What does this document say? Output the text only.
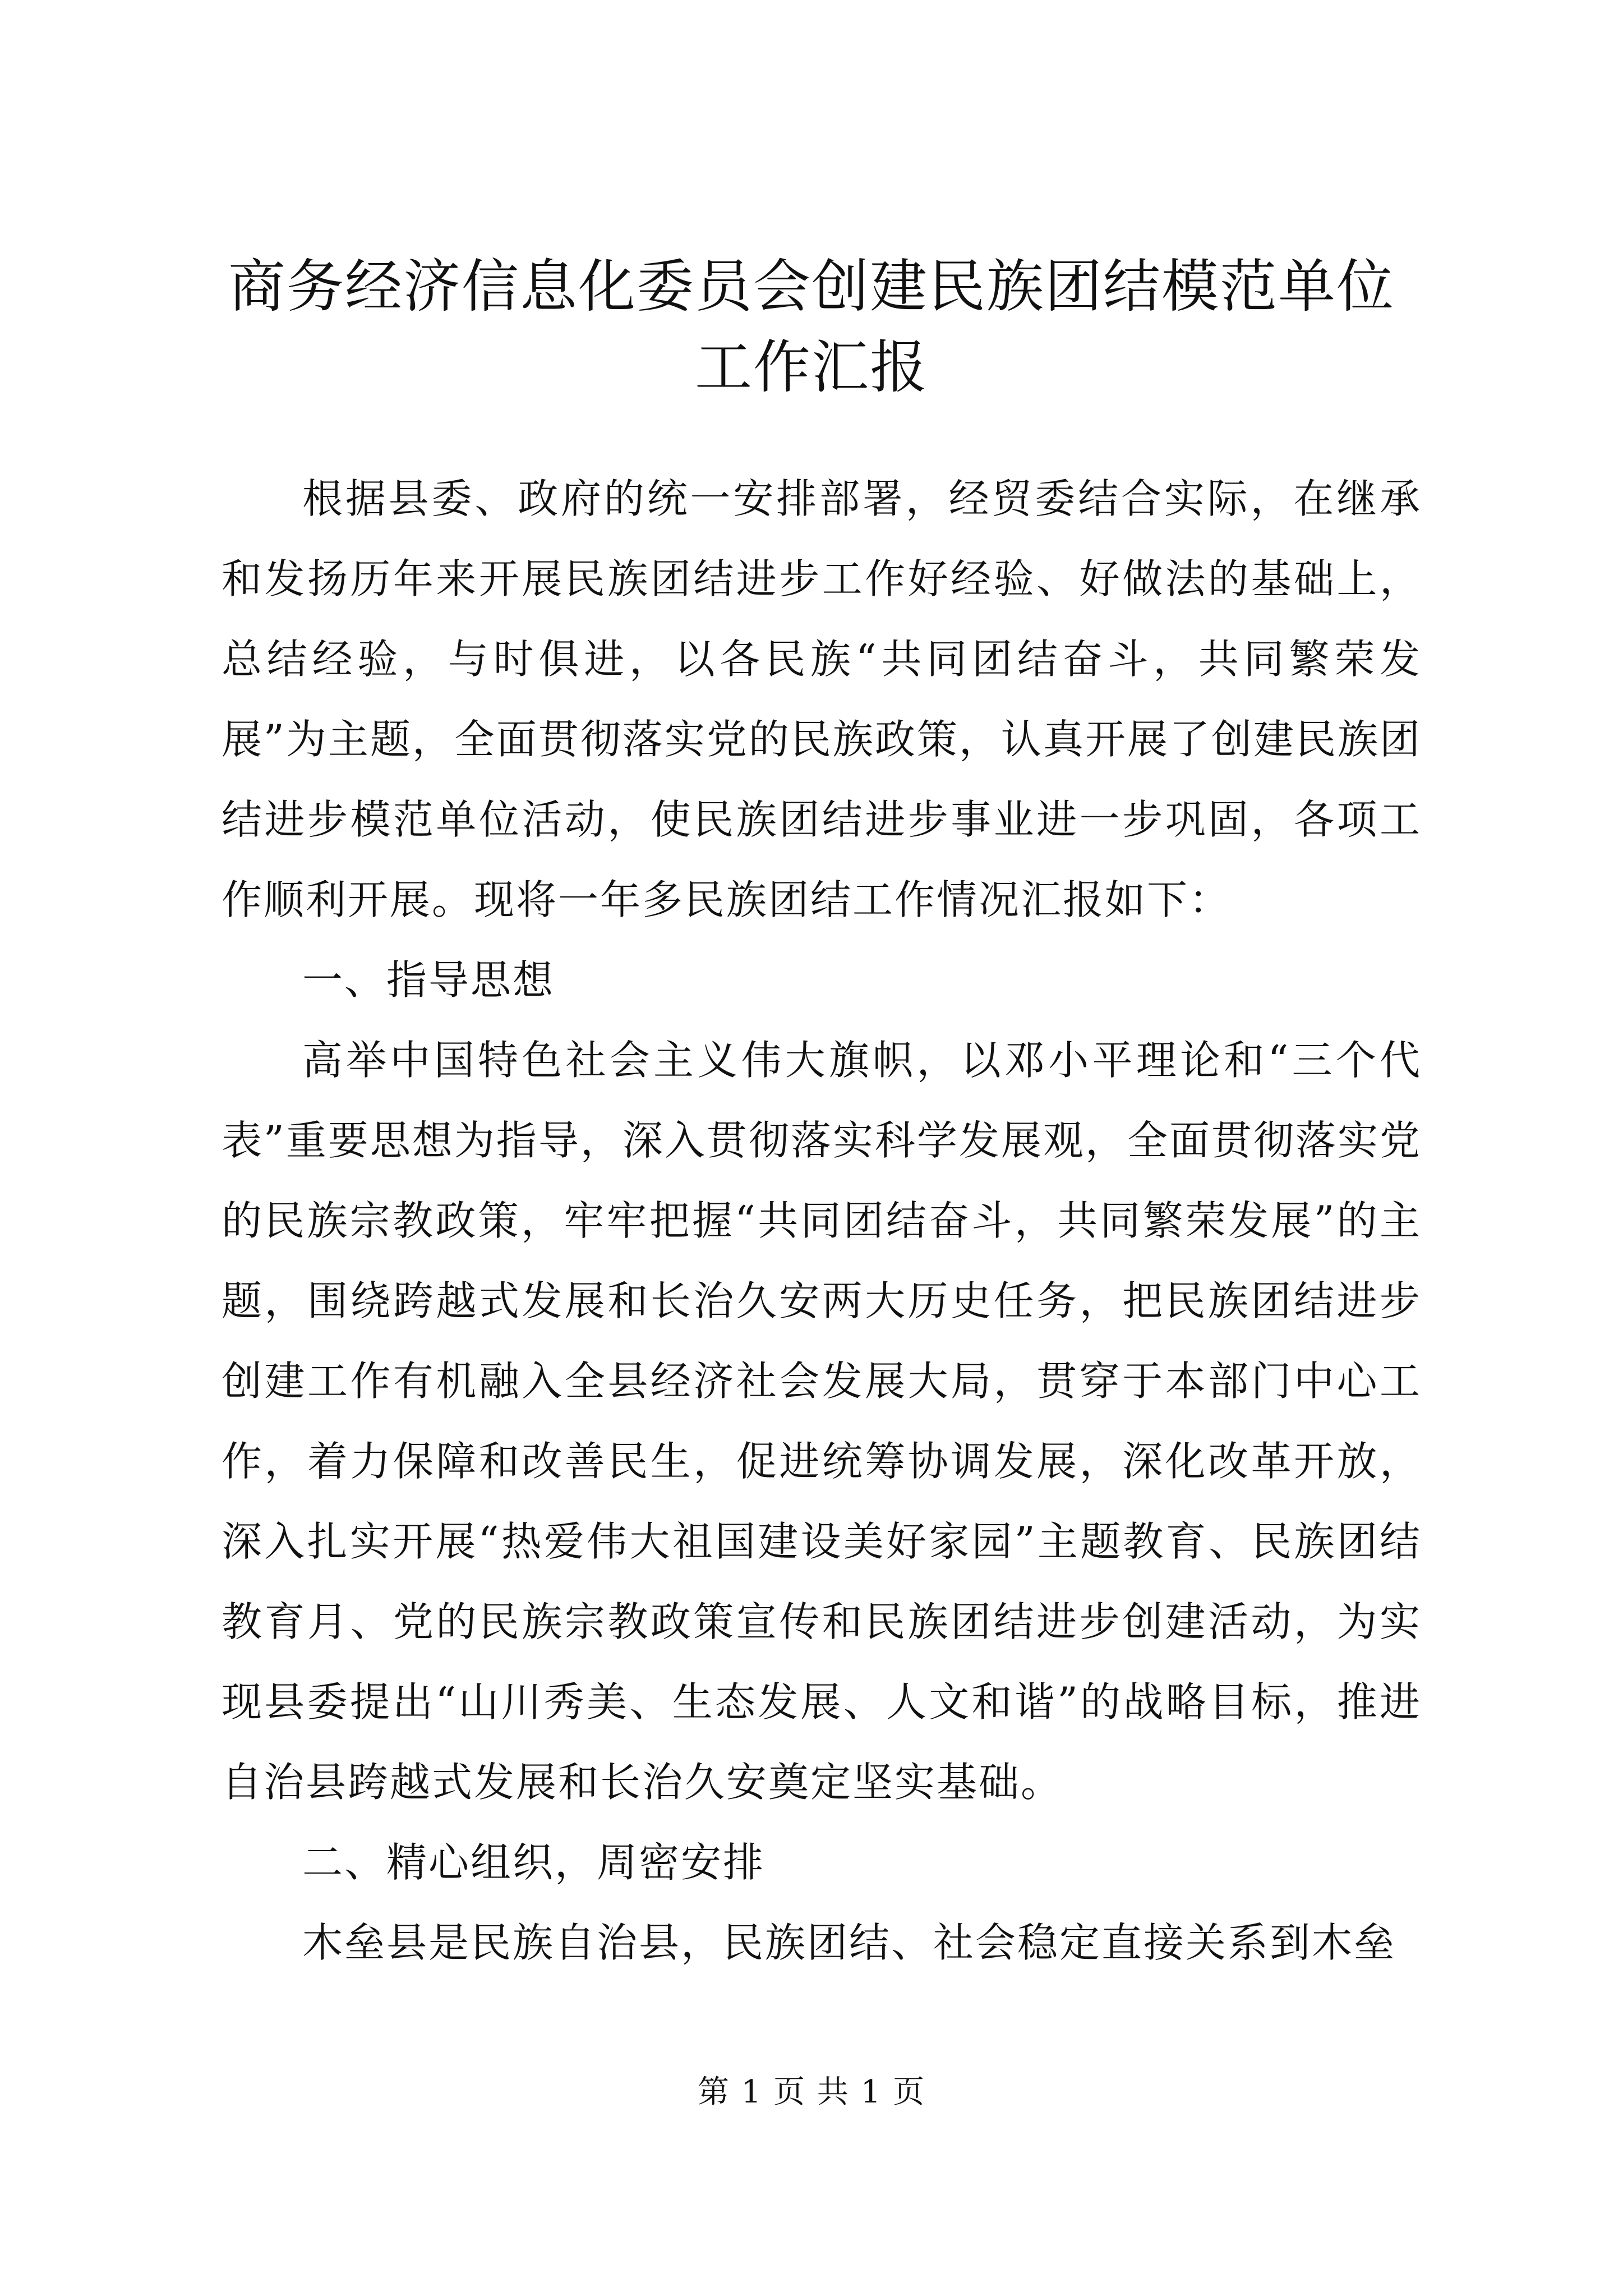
商务经济信息化委员会创建民族团结模范单位
工作汇报

根据县委、政府的统一安排部署，经贸委结合实际，在继承和发扬历年来开展民族团结进步工作好经验、好做法的基础上，总结经验，与时俱进，以各民族“共同团结奋斗，共同繁荣发展”为主题，全面贯彻落实党的民族政策，认真开展了创建民族团结进步模范单位活动，使民族团结进步事业进一步巩固，各项工作顺利开展。现将一年多民族团结工作情况汇报如下：

一、指导思想

高举中国特色社会主义伟大旗帜，以邓小平理论和“三个代表”重要思想为指导，深入贯彻落实科学发展观，全面贯彻落实党的民族宗教政策，牢牢把握“共同团结奋斗，共同繁荣发展”的主题，围绕跨越式发展和长治久安两大历史任务，把民族团结进步创建工作有机融入全县经济社会发展大局，贯穿于本部门中心工作，着力保障和改善民生，促进统筹协调发展，深化改革开放，深入扎实开展“热爱伟大祖国建设美好家园”主题教育、民族团结教育月、党的民族宗教政策宣传和民族团结进步创建活动，为实现县委提出“山川秀美、生态发展、人文和谐”的战略目标，推进自治县跨越式发展和长治久安奠定坚实基础。

二、精心组织，周密安排

木垒县是民族自治县，民族团结、社会稳定直接关系到木垒

第 1 页 共 1 页
